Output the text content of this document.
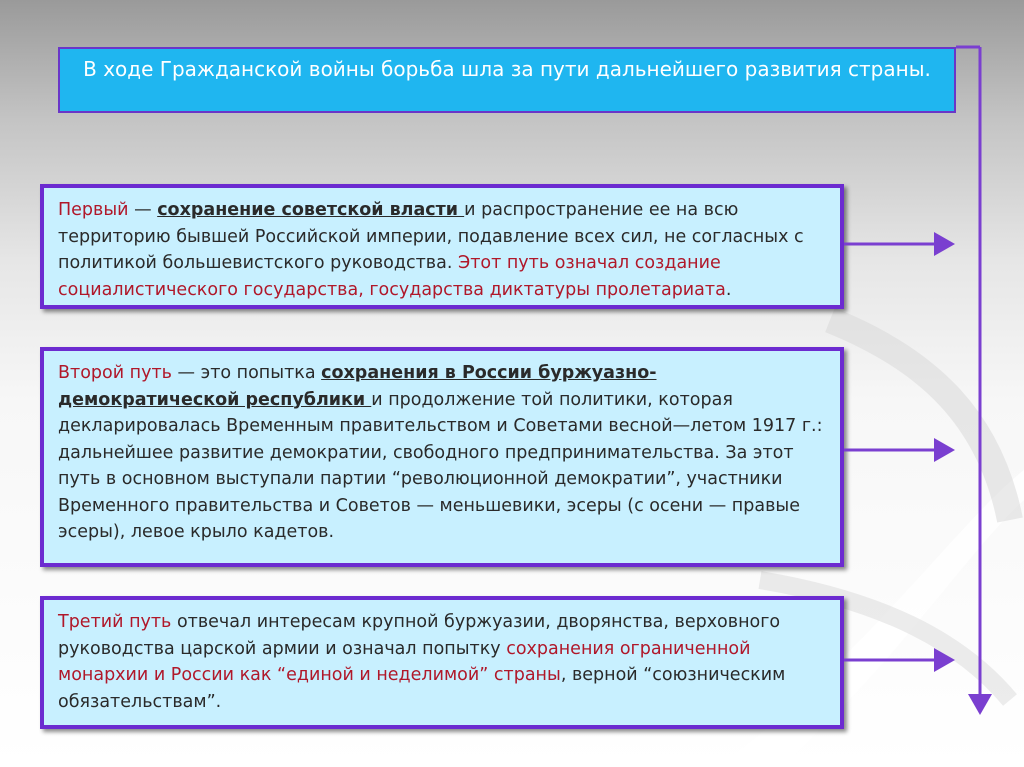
В ходе Гражданской войны борьба шла за пути дальнейшего развития страны.
Первый — сохранение советской власти и распространение ее на всю территорию бывшей Российской империи, подавление всех сил, не согласных с политикой большевистского руководства. Этот путь означал создание социалистического государства, государства диктатуры пролетариата.
Второй путь — это попытка сохранения в России буржуазно-демократической республики и продолжение той политики, которая декларировалась Временным правительством и Советами весной—летом 1917 г.: дальнейшее развитие демократии, свободного предпринимательства. За этот путь в основном выступали партии “революционной демократии”, участники Временного правительства и Советов — меньшевики, эсеры (с осени — правые эсеры), левое крыло кадетов.
Третий путь отвечал интересам крупной буржуазии, дворянства, верховного руководства царской армии и означал попытку сохранения ограниченной монархии и России как “единой и неделимой” страны, верной “союзническим обязательствам”.
